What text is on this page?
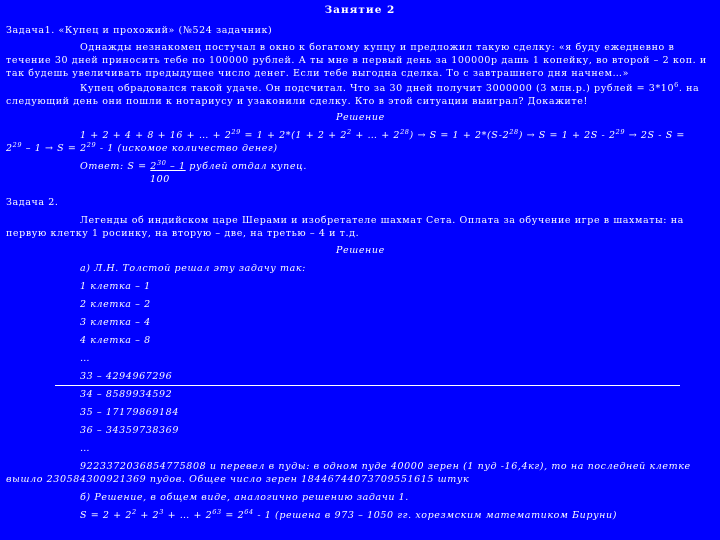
Занятие 2
Задача1. «Купец и прохожий» (№524 задачник)
Однажды незнакомец постучал в окно к богатому купцу и предложил такую сделку: «я буду ежедневно в
течение 30 дней приносить тебе по 100000 рублей. А ты мне в первый день за 100000р дашь 1 копейку, во второй – 2 коп. и
так будешь увеличивать предыдущее число денег. Если тебе выгодна сделка. То с завтрашнего дня начнем…»
Купец обрадовался такой удаче. Он подсчитал. Что за 30 дней получит 3000000 (3 млн.р.) рублей = $3*10^6$. на
следующий день они пошли к нотариусу и узаконили сделку. Кто в этой ситуации выиграл? Докажите!
Решение
1 + 2 + 4 + 8 + 16 + … + $2^{29} = 1 + 2*(1 + 2 + 2^2$ + … + $2^{28}) \to S = 1 + 2*(S-2^{28}) \to S = 1 + 2S - 2^{29} \to 2S - S$ =
$2^{29} - 1 \to S = 2^{29} - 1$ (искомое количество денег)
Ответ: $S = 2^{30} - 1$ рублей отдал купец.
100
Задача 2.
Легенды об индийском царе Шерами и изобретателе шахмат Сета. Оплата за обучение игре в шахматы: на
первую клетку 1 росинку, на вторую – две, на третью – 4 и т.д.
Решение
а) Л.Н. Толстой решал эту задачу так:
1 клетка – 1
2 клетка – 2
3 клетка – 4
4 клетка – 8
…
33 – 4294967296
34 – 8589934592
35 – 17179869184
36 – 34359738369
…
9223372036854775808 и перевел в пуды: в одном пуде 40000 зерен (1 пуд -16,4кг), то на последней клетке
вышло 230584300921369 пудов. Общее число зерен 18446744073709551615 штук
б) Решение, в общем виде, аналогично решению задачи 1.
$S = 2 + 2^2 + 2^3$ + … + $2^{63} = 2^{64} - 1$ (решена в 973 – 1050 гг. хорезмским математиком Бируни)
